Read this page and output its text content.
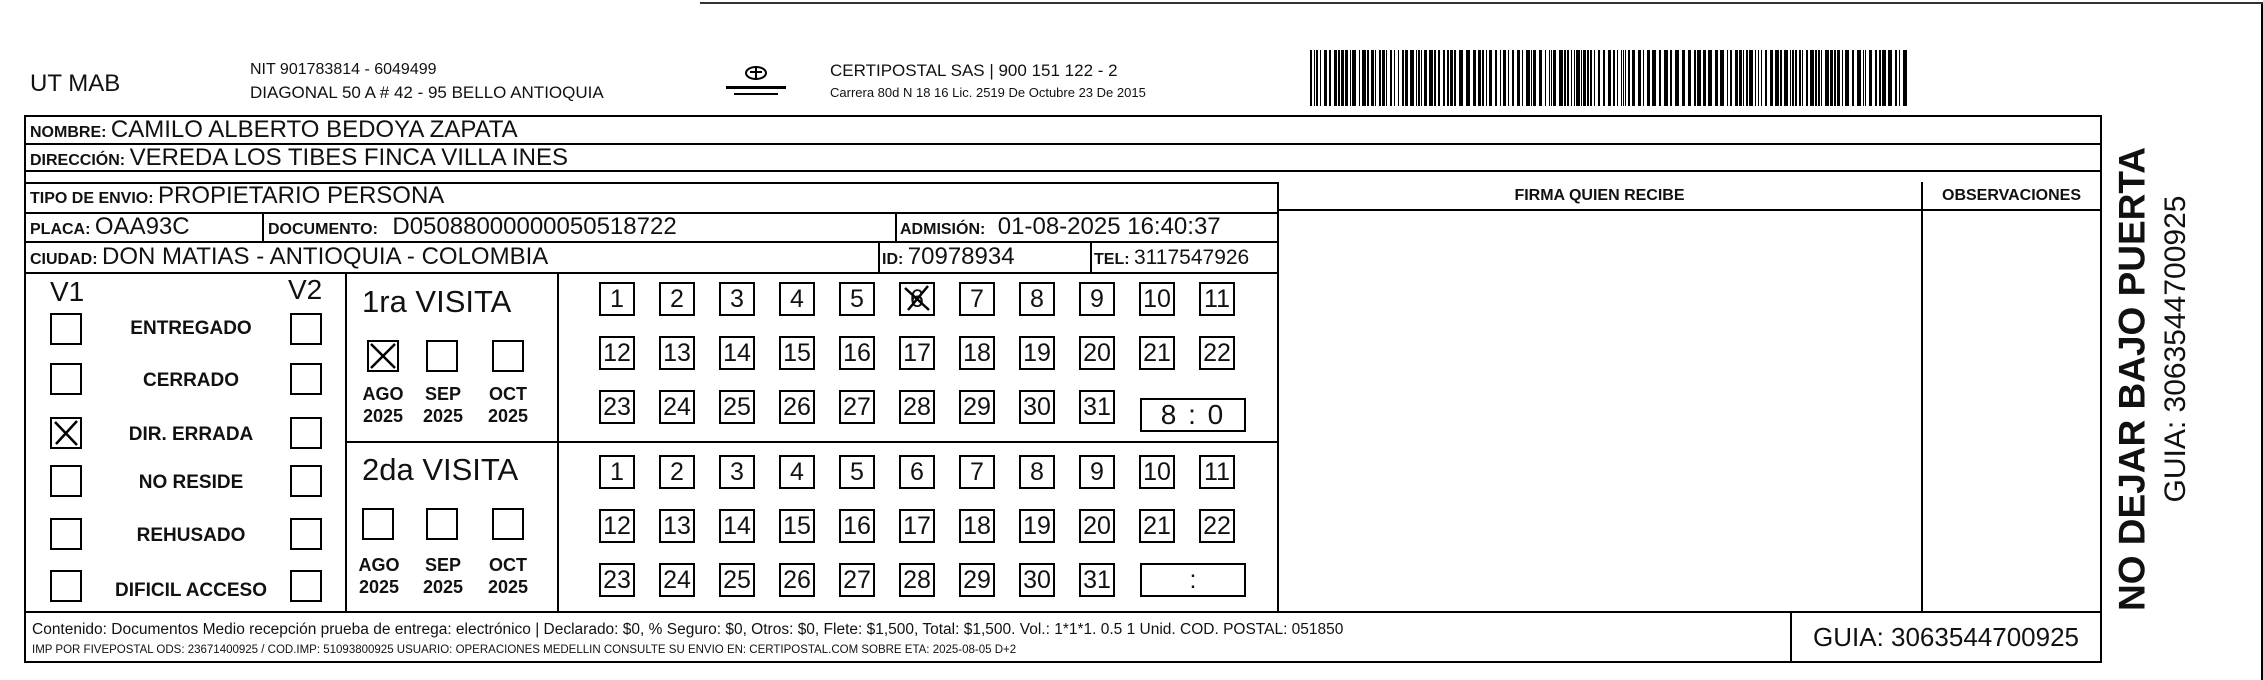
UT MAB
NIT 901783814 - 6049499
DIAGONAL 50 A # 42 - 95 BELLO ANTIOQUIA
CERTIPOSTAL SAS | 900 151 122 - 2
Carrera 80d N 18 16 Lic. 2519 De Octubre 23 De 2015
NOMBRE: CAMILO ALBERTO BEDOYA ZAPATA
DIRECCIÓN: VEREDA LOS TIBES FINCA VILLA INES
TIPO DE ENVIO: PROPIETARIO PERSONA	FIRMA QUIEN RECIBE	OBSERVACIONES
PLACA: OAA93C	DOCUMENTO: D05088000000050518722	ADMISIÓN: 01-08-2025 16:40:37
CIUDAD: DON MATIAS - ANTIOQUIA - COLOMBIA	ID: 70978934	TEL: 3117547926
V1	V2
ENTREGADO
CERRADO
DIR. ERRADA
NO RESIDE
REHUSADO
DIFICIL ACCESO
1ra VISITA
AGO
2025
SEP
2025
OCT
2025
2da VISITA
AGO
2025
SEP
2025
OCT
2025
8 : 0
:
Contenido: Documentos Medio recepción prueba de entrega: electrónico | Declarado: $0, % Seguro: $0, Otros: $0, Flete: $1,500, Total: $1,500. Vol.: 1*1*1. 0.5 1 Unid. COD. POSTAL: 051850
IMP POR FIVEPOSTAL ODS: 23671400925 / COD.IMP: 51093800925 USUARIO: OPERACIONES MEDELLIN CONSULTE SU ENVIO EN: CERTIPOSTAL.COM SOBRE ETA: 2025-08-05 D+2	GUIA: 3063544700925
NO DEJAR BAJO PUERTA GUIA: 3063544700925
1	2	3	4	5	6	7	8	9	10 11
12 13 14 15 16 17 18 19 20 21 22
23 24 25 26 27 28 29 30 31
1	2	3	4	5	6	7	8	9	10 11
12 13 14 15 16 17 18 19 20 21 22
23 24 25 26 27 28 29 30 31
